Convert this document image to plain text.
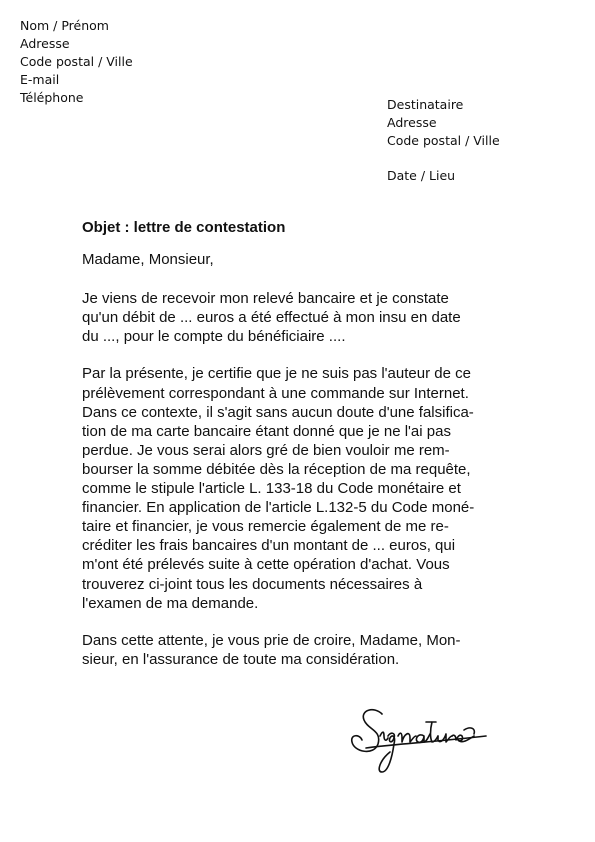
Nom / Prénom
Adresse
Code postal / Ville
E-mail
Téléphone	Destinataire
Adresse
Code postal / Ville
Date / Lieu
Objet : lettre de contestation
Madame, Monsieur,
Je viens de recevoir mon relevé bancaire et je constate
qu'un débit de ... euros a été effectué à mon insu en date
du ..., pour le compte du bénéficiaire ....
Par la présente, je certifie que je ne suis pas l'auteur de ce
prélèvement correspondant à une commande sur Internet.
Dans ce contexte, il s'agit sans aucun doute d'une falsifica-
tion de ma carte bancaire étant donné que je ne l'ai pas
perdue. Je vous serai alors gré de bien vouloir me rem-
bourser la somme débitée dès la réception de ma requête,
comme le stipule l'article L. 133-18 du Code monétaire et
financier. En application de l'article L.132-5 du Code moné-
taire et financier, je vous remercie également de me re-
créditer les frais bancaires d'un montant de ... euros, qui
m'ont été prélevés suite à cette opération d'achat. Vous
trouverez ci-joint tous les documents nécessaires à
l'examen de ma demande.
Dans cette attente, je vous prie de croire, Madame, Mon-
sieur, en l'assurance de toute ma considération.
